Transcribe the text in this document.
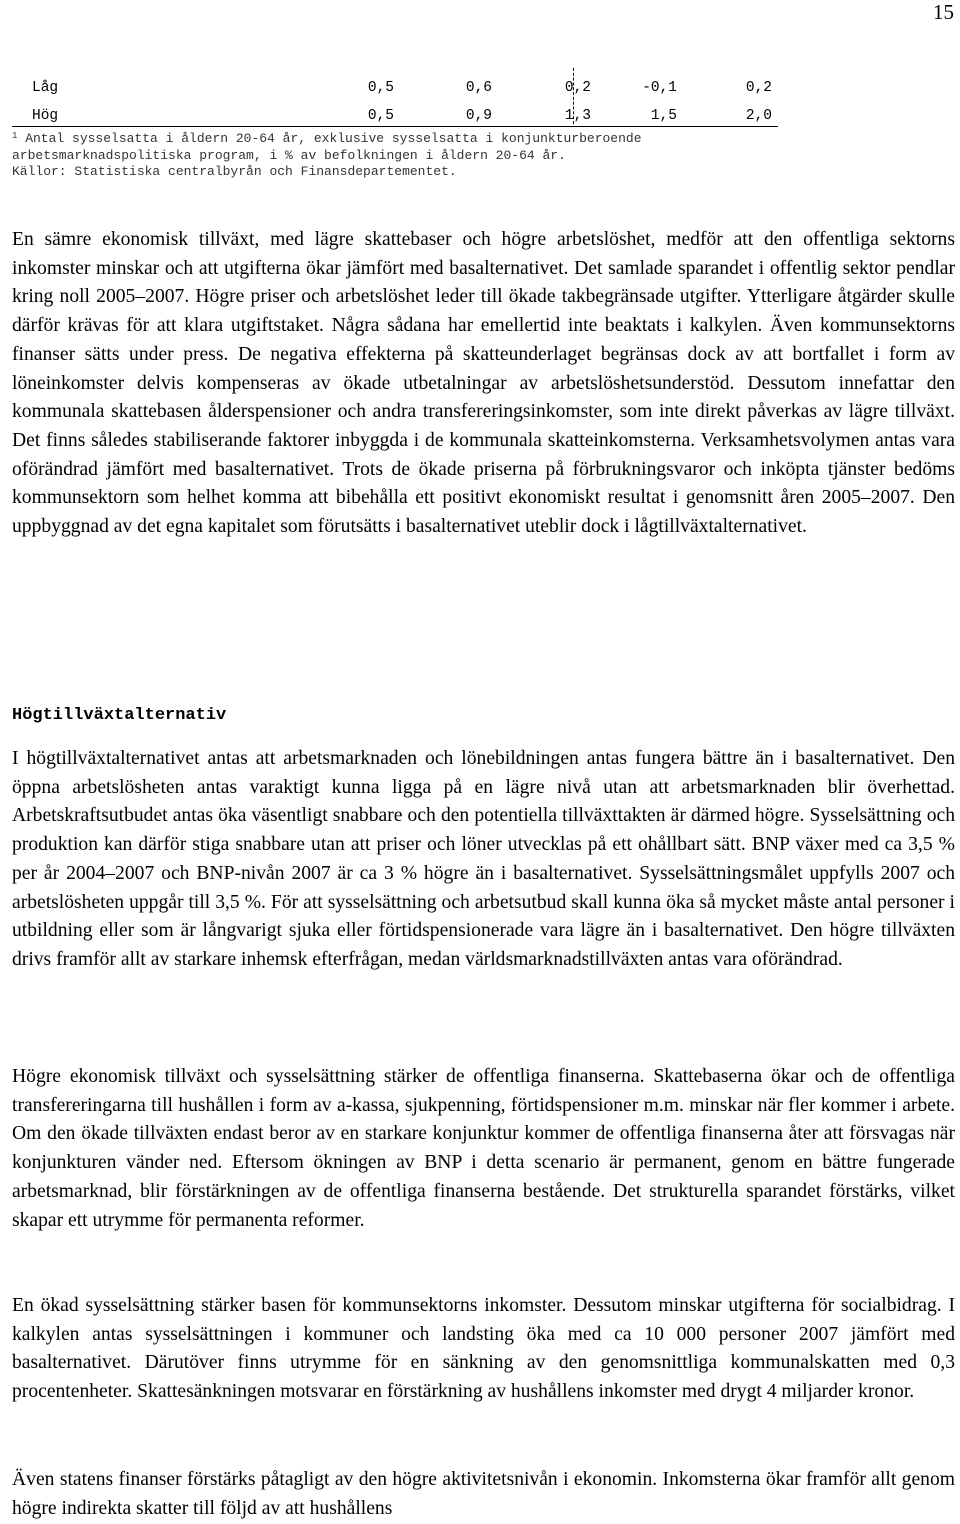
15
Låg	0,5	0,6	0,2	-0,1	0,2
Hög	0,5	0,9	1,3	1,5	2,0
$^1$ Antal sysselsatta i åldern 20-64 år, exklusive sysselsatta i konjunkturberoende arbetsmarknadspolitiska program, i % av befolkningen i åldern 20-64 år.
Källor: Statistiska centralbyrån och Finansdepartementet.

En sämre ekonomisk tillväxt, med lägre skattebaser och högre arbetslöshet, medför att den offentliga sektorns inkomster minskar och att utgifterna ökar jämfört med basalternativet. Det samlade sparandet i offentlig sektor pendlar kring noll 2005–2007. Högre priser och arbetslöshet leder till ökade takbegränsade utgifter. Ytterligare åtgärder skulle därför krävas för att klara utgiftstaket. Några sådana har emellertid inte beaktats i kalkylen. Även kommunsektorns finanser sätts under press. De negativa effekterna på skatteunderlaget begränsas dock av att bortfallet i form av löneinkomster delvis kompenseras av ökade utbetalningar av arbetslöshetsunderstöd. Dessutom innefattar den kommunala skattebasen ålderspensioner och andra transfereringsinkomster, som inte direkt påverkas av lägre tillväxt. Det finns således stabiliserande faktorer inbyggda i de kommunala skatteinkomsterna. Verksamhetsvolymen antas vara oförändrad jämfört med basalternativet. Trots de ökade priserna på förbrukningsvaror och inköpta tjänster bedöms kommunsektorn som helhet komma att bibehålla ett positivt ekonomiskt resultat i genomsnitt åren 2005–2007. Den uppbyggnad av det egna kapitalet som förutsätts i basalternativet uteblir dock i lågtillväxtalternativet.

Högtillväxtalternativ

I högtillväxtalternativet antas att arbetsmarknaden och lönebildningen antas fungera bättre än i basalternativet. Den öppna arbetslösheten antas varaktigt kunna ligga på en lägre nivå utan att arbetsmarknaden blir överhettad. Arbetskraftsutbudet antas öka väsentligt snabbare och den potentiella tillväxttakten är därmed högre. Sysselsättning och produktion kan därför stiga snabbare utan att priser och löner utvecklas på ett ohållbart sätt. BNP växer med ca 3,5 % per år 2004–2007 och BNP-nivån 2007 är ca 3 % högre än i basalternativet. Sysselsättningsmålet uppfylls 2007 och arbetslösheten uppgår till 3,5 %. För att sysselsättning och arbetsutbud skall kunna öka så mycket måste antal personer i utbildning eller som är långvarigt sjuka eller förtidspensionerade vara lägre än i basalternativet. Den högre tillväxten drivs framför allt av starkare inhemsk efterfrågan, medan världsmarknadstillväxten antas vara oförändrad.

Högre ekonomisk tillväxt och sysselsättning stärker de offentliga finanserna. Skattebaserna ökar och de offentliga transfereringarna till hushållen i form av a-kassa, sjukpenning, förtidspensioner m.m. minskar när fler kommer i arbete. Om den ökade tillväxten endast beror av en starkare konjunktur kommer de offentliga finanserna åter att försvagas när konjunkturen vänder ned. Eftersom ökningen av BNP i detta scenario är permanent, genom en bättre fungerade arbetsmarknad, blir förstärkningen av de offentliga finanserna bestående. Det strukturella sparandet förstärks, vilket skapar ett utrymme för permanenta reformer.

En ökad sysselsättning stärker basen för kommunsektorns inkomster. Dessutom minskar utgifterna för socialbidrag. I kalkylen antas sysselsättningen i kommuner och landsting öka med ca 10 000 personer 2007 jämfört med basalternativet. Därutöver finns utrymme för en sänkning av den genomsnittliga kommunalskatten med 0,3 procentenheter. Skattesänkningen motsvarar en förstärkning av hushållens inkomster med drygt 4 miljarder kronor.

Även statens finanser förstärks påtagligt av den högre aktivitetsnivån i ekonomin. Inkomsterna ökar framför allt genom högre indirekta skatter till följd av att hushållens
